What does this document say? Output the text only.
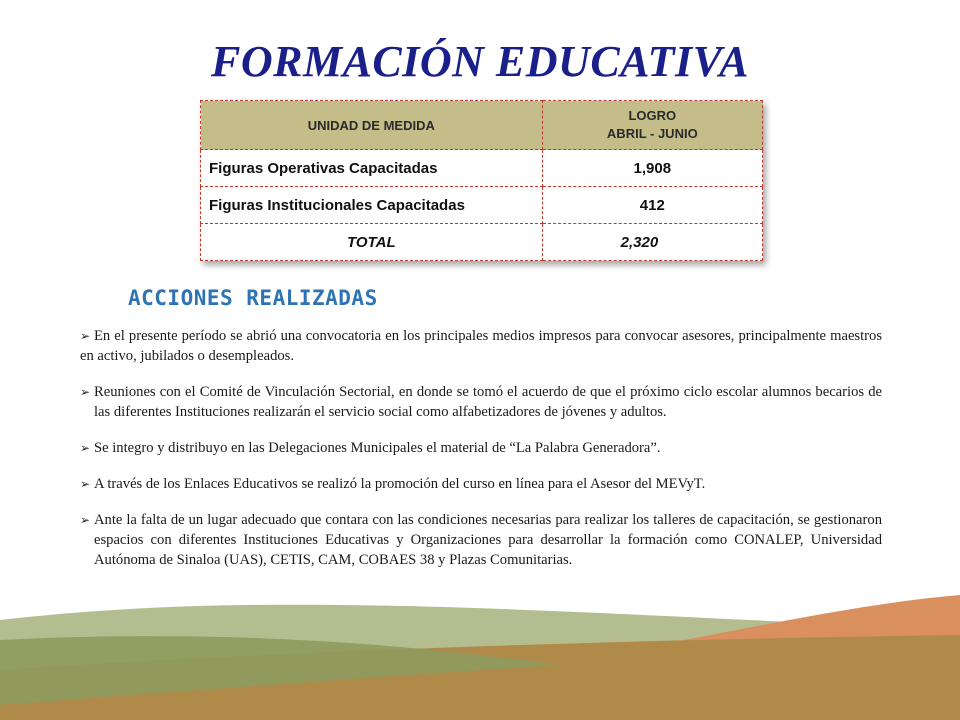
FORMACIÓN EDUCATIVA
UNIDAD DE MEDIDA	LOGRO
ABRIL - JUNIO

Figuras Operativas Capacitadas	1,908
Figuras Institucionales Capacitadas	412
TOTAL	2,320
ACCIONES REALIZADAS
➢ En el presente período se abrió una convocatoria en los principales medios impresos para convocar asesores, principalmente maestros en activo, jubilados o desempleados.
➢ Reuniones con el Comité de Vinculación Sectorial, en donde se tomó el acuerdo de que el próximo ciclo escolar alumnos becarios de las diferentes Instituciones realizarán el servicio social como alfabetizadores de jóvenes y adultos.
➢ Se integro y distribuyo en las Delegaciones Municipales el material de “La Palabra Generadora”.
➢ A través de los Enlaces Educativos se realizó la promoción del curso en línea para el Asesor del MEVyT.
➢ Ante la falta de un lugar adecuado que contara con las condiciones necesarias para realizar los talleres de capacitación, se gestionaron espacios con diferentes Instituciones Educativas y Organizaciones para desarrollar la formación como CONALEP, Universidad Autónoma de Sinaloa (UAS), CETIS, CAM, COBAES 38 y Plazas Comunitarias.
